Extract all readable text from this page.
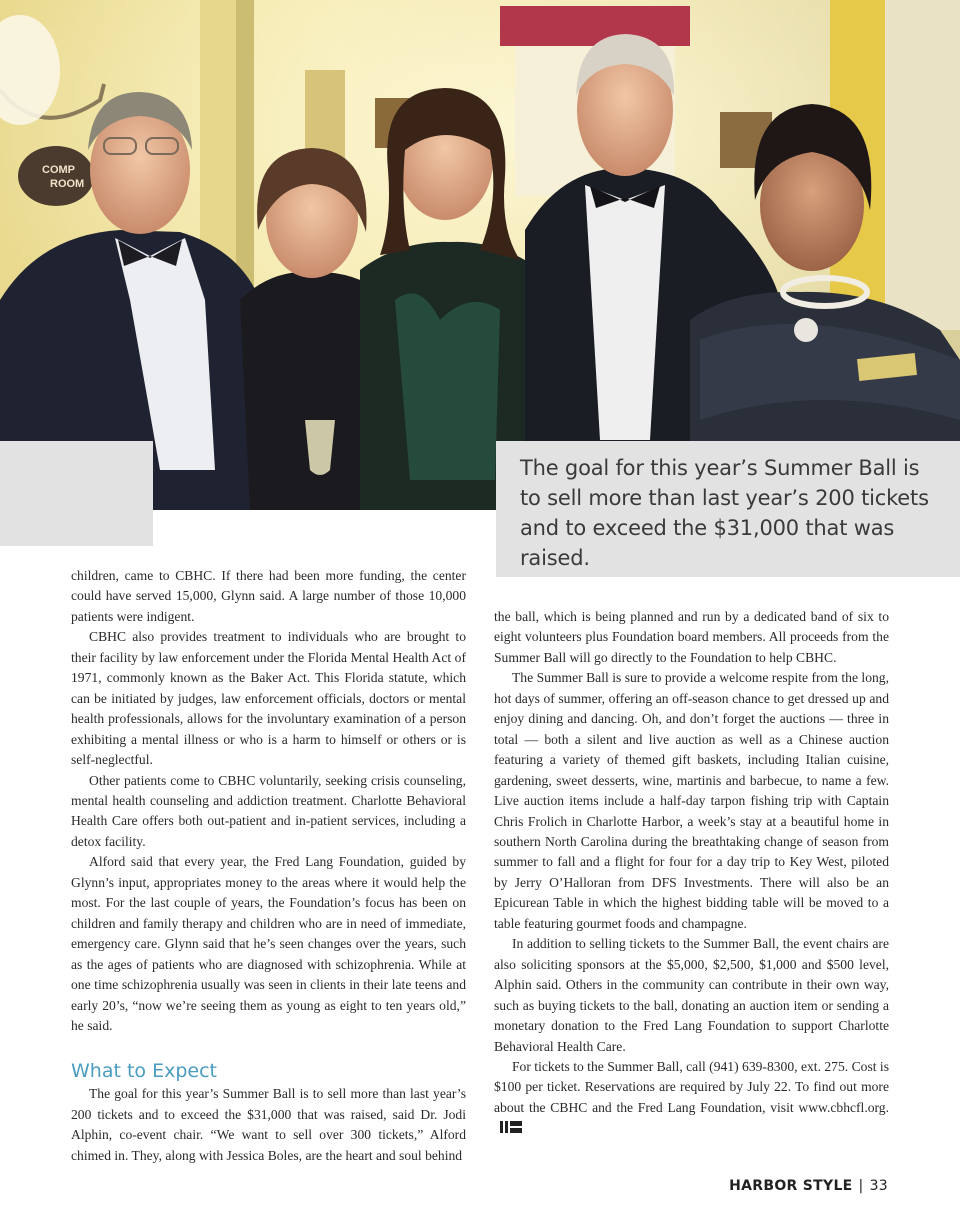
COMP
ROOM

The goal for this year’s Summer Ball is to sell more than last year’s 200 tickets and to exceed the $31,000 that was raised.

children, came to CBHC. If there had been more funding, the center could have served 15,000, Glynn said. A large number of those 10,000 patients were indigent.

CBHC also provides treatment to individuals who are brought to their facility by law enforcement under the Florida Mental Health Act of 1971, commonly known as the Baker Act. This Florida statute, which can be initiated by judges, law enforcement officials, doctors or mental health professionals, allows for the involuntary examination of a person exhibiting a mental illness or who is a harm to himself or others or is self-neglectful.

Other patients come to CBHC voluntarily, seeking crisis counseling, mental health counseling and addiction treatment. Charlotte Behavioral Health Care offers both out-patient and in-patient services, including a detox facility.

Alford said that every year, the Fred Lang Foundation, guided by Glynn’s input, appropriates money to the areas where it would help the most. For the last couple of years, the Foundation’s focus has been on children and family therapy and children who are in need of immediate, emergency care. Glynn said that he’s seen changes over the years, such as the ages of patients who are diagnosed with schizophrenia. While at one time schizophrenia usually was seen in clients in their late teens and early 20’s, “now we’re seeing them as young as eight to ten years old,” he said.

What to Expect

The goal for this year’s Summer Ball is to sell more than last year’s 200 tickets and to exceed the $31,000 that was raised, said Dr. Jodi Alphin, co-event chair. “We want to sell over 300 tickets,” Alford chimed in. They, along with Jessica Boles, are the heart and soul behind

the ball, which is being planned and run by a dedicated band of six to eight volunteers plus Foundation board members. All proceeds from the Summer Ball will go directly to the Foundation to help CBHC.

The Summer Ball is sure to provide a welcome respite from the long, hot days of summer, offering an off-season chance to get dressed up and enjoy dining and dancing. Oh, and don’t forget the auctions — three in total — both a silent and live auction as well as a Chinese auction featuring a variety of themed gift baskets, including Italian cuisine, gardening, sweet desserts, wine, martinis and barbecue, to name a few. Live auction items include a half-day tarpon fishing trip with Captain Chris Frolich in Charlotte Harbor, a week’s stay at a beautiful home in southern North Carolina during the breathtaking change of season from summer to fall and a flight for four for a day trip to Key West, piloted by Jerry O’Halloran from DFS Investments. There will also be an Epicurean Table in which the highest bidding table will be moved to a table featuring gourmet foods and champagne.

In addition to selling tickets to the Summer Ball, the event chairs are also soliciting sponsors at the $5,000, $2,500, $1,000 and $500 level, Alphin said. Others in the community can contribute in their own way, such as buying tickets to the ball, donating an auction item or sending a monetary donation to the Fred Lang Foundation to support Charlotte Behavioral Health Care.

For tickets to the Summer Ball, call (941) 639-8300, ext. 275. Cost is $100 per ticket. Reservations are required by July 22. To find out more about the CBHC and the Fred Lang Foundation, visit www.cbhcfl.org.

HARBOR STYLE | 33
